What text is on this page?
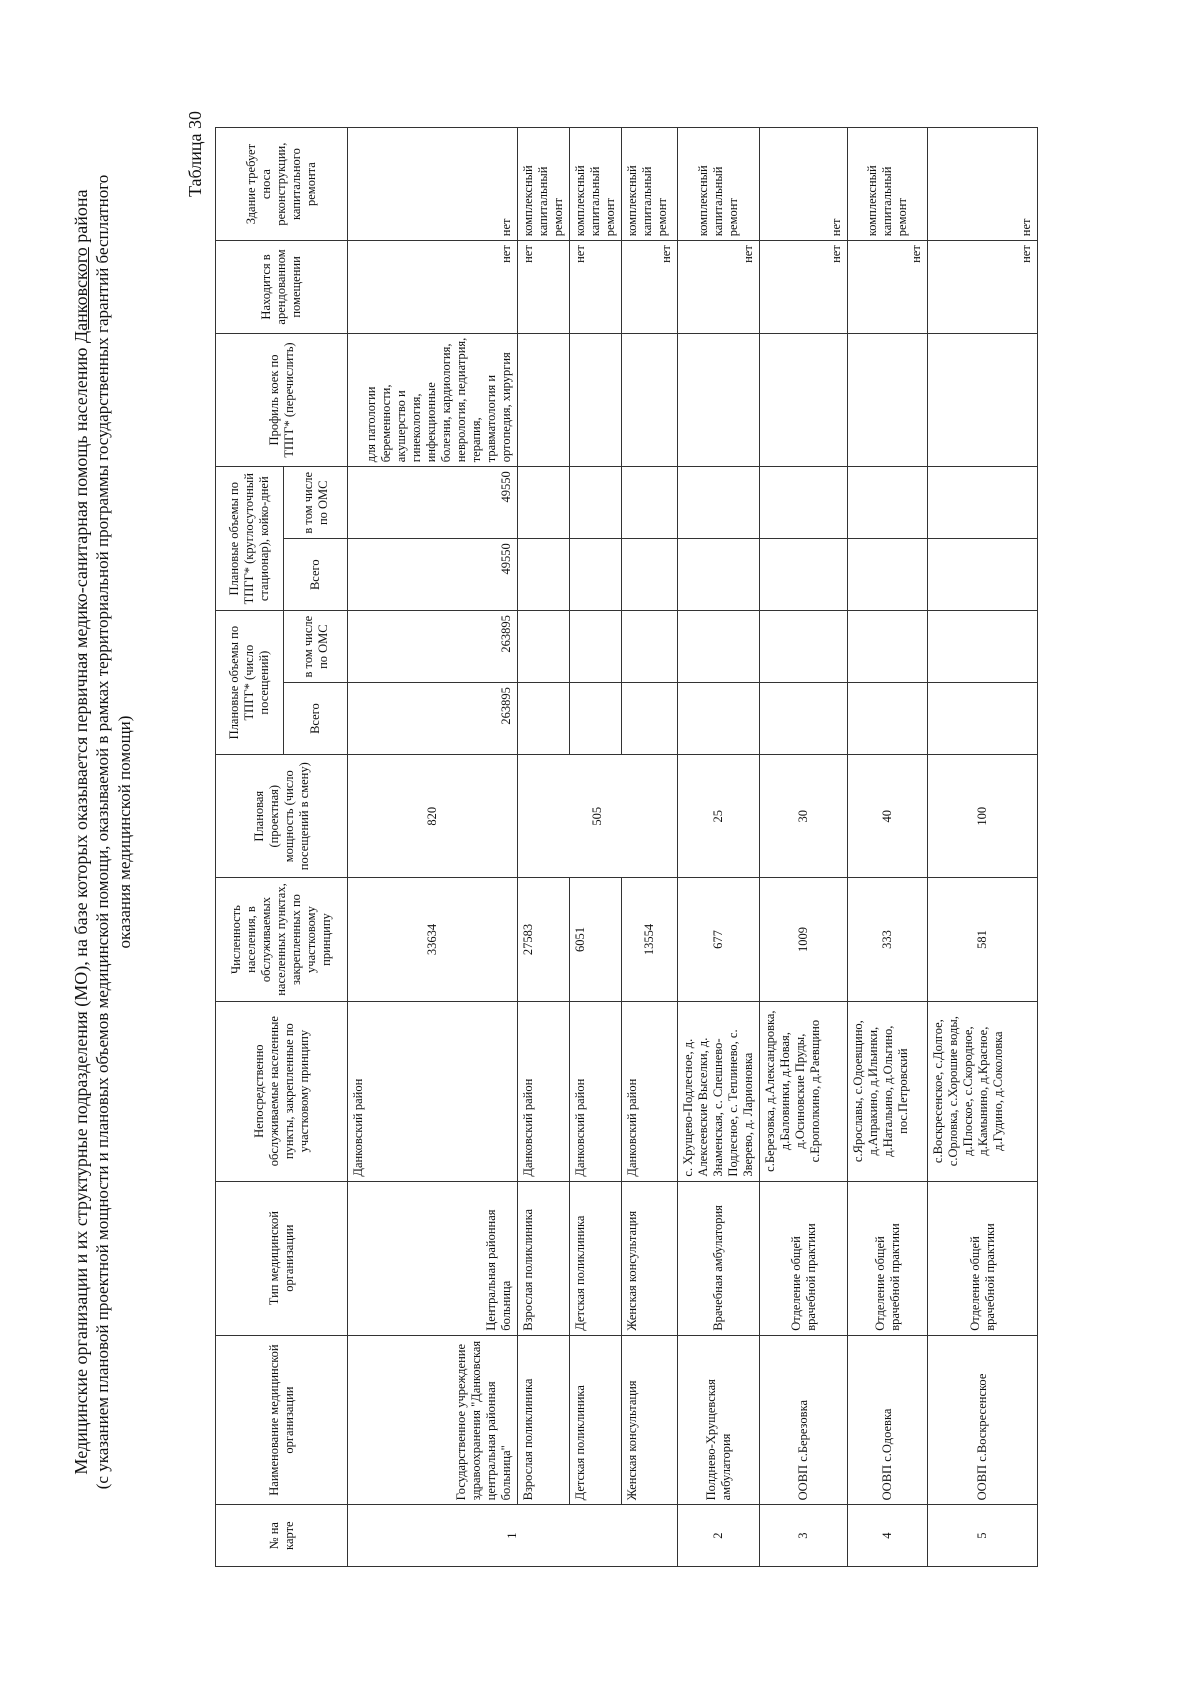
Медицинские организации и их структурные подразделения (МО), на базе которых оказывается первичная медико-санитарная помощь населению Данковского района (с указанием плановой проектной мощности и плановых объемов медицинской помощи, оказываемой в рамках территориальной программы государственных гарантий бесплатного оказания медицинской помощи)
Таблица 30
№ на карте	Наименование медицинской организации	Тип медицинской организации	Непосредственно обслуживаемые населенные пункты, закрепленные по участковому принципу	Численность населения, в обслуживаемых населенных пунктах, закрепленных по участковому принципу	Плановая (проектная) мощность (число посещений в смену)	Плановые объемы по ТПГГ* (число посещений)		Плановые объемы по ТПГГ* (круглосуточный стационар), койко-дней		Профиль коек по ТПГГ* (перечислить)	Находится в арендованном помещении	Здание требует сноса реконструкции, капитального ремонта
						Всего	в том числе по ОМС	Всего	в том числе по ОМС			
1	Государственное учреждение здравоохранения "Данковская центральная районная больница"	Центральная районная больница	Данковский район	33634	820	263895	263895	49550	49550	для патологии беременности, акушерство и гинекология, инфекционные болезни, кардиология, неврология, педиатрия, терапия, травматология и ортопедия, хирургия	нет	нет
	Взрослая поликлиника	Взрослая поликлиника	Данковский район	27583	505						нет	комплексный капитальный ремонт
	Детская поликлиника	Детская поликлиника	Данковский район	6051							нет	комплексный капитальный ремонт
	Женская консультация	Женская консультация	Данковский район	13554							нет	комплексный капитальный ремонт
2	Полднево-Хрущевская амбулатория	Врачебная амбулатория	с. Хрущево-Подлесное, д. Алексеевские Выселки, д. Знаменская, с. Спешнево-Подлесное, с. Теплинево, с. Зверево, д. Ларионовка	677	25						нет	комплексный капитальный ремонт
3	ООВП с.Березовка	Отделение общей врачебной практики	с.Березовка, д.Александровка, д.Баловинки, д.Новая, д.Осиновские Пруды, с.Ерополкино, д.Раевщино	1009	30						нет	нет
4	ООВП с.Одоевка	Отделение общей врачебной практики	с.Ярославы, с.Одоевщино, д.Апракино, д.Ильинки, д.Натальино, д.Ольгино, пос.Петровский	333	40						нет	комплексный капитальный ремонт
5	ООВП с.Воскресенское	Отделение общей врачебной практики	с.Воскресенское, с.Долгое, с.Орловка, с.Хорошие воды, д.Плоское, с.Скородное, д.Камынино, д.Красное, д.Гудино, д.Соколовка	581	100						нет	нет
